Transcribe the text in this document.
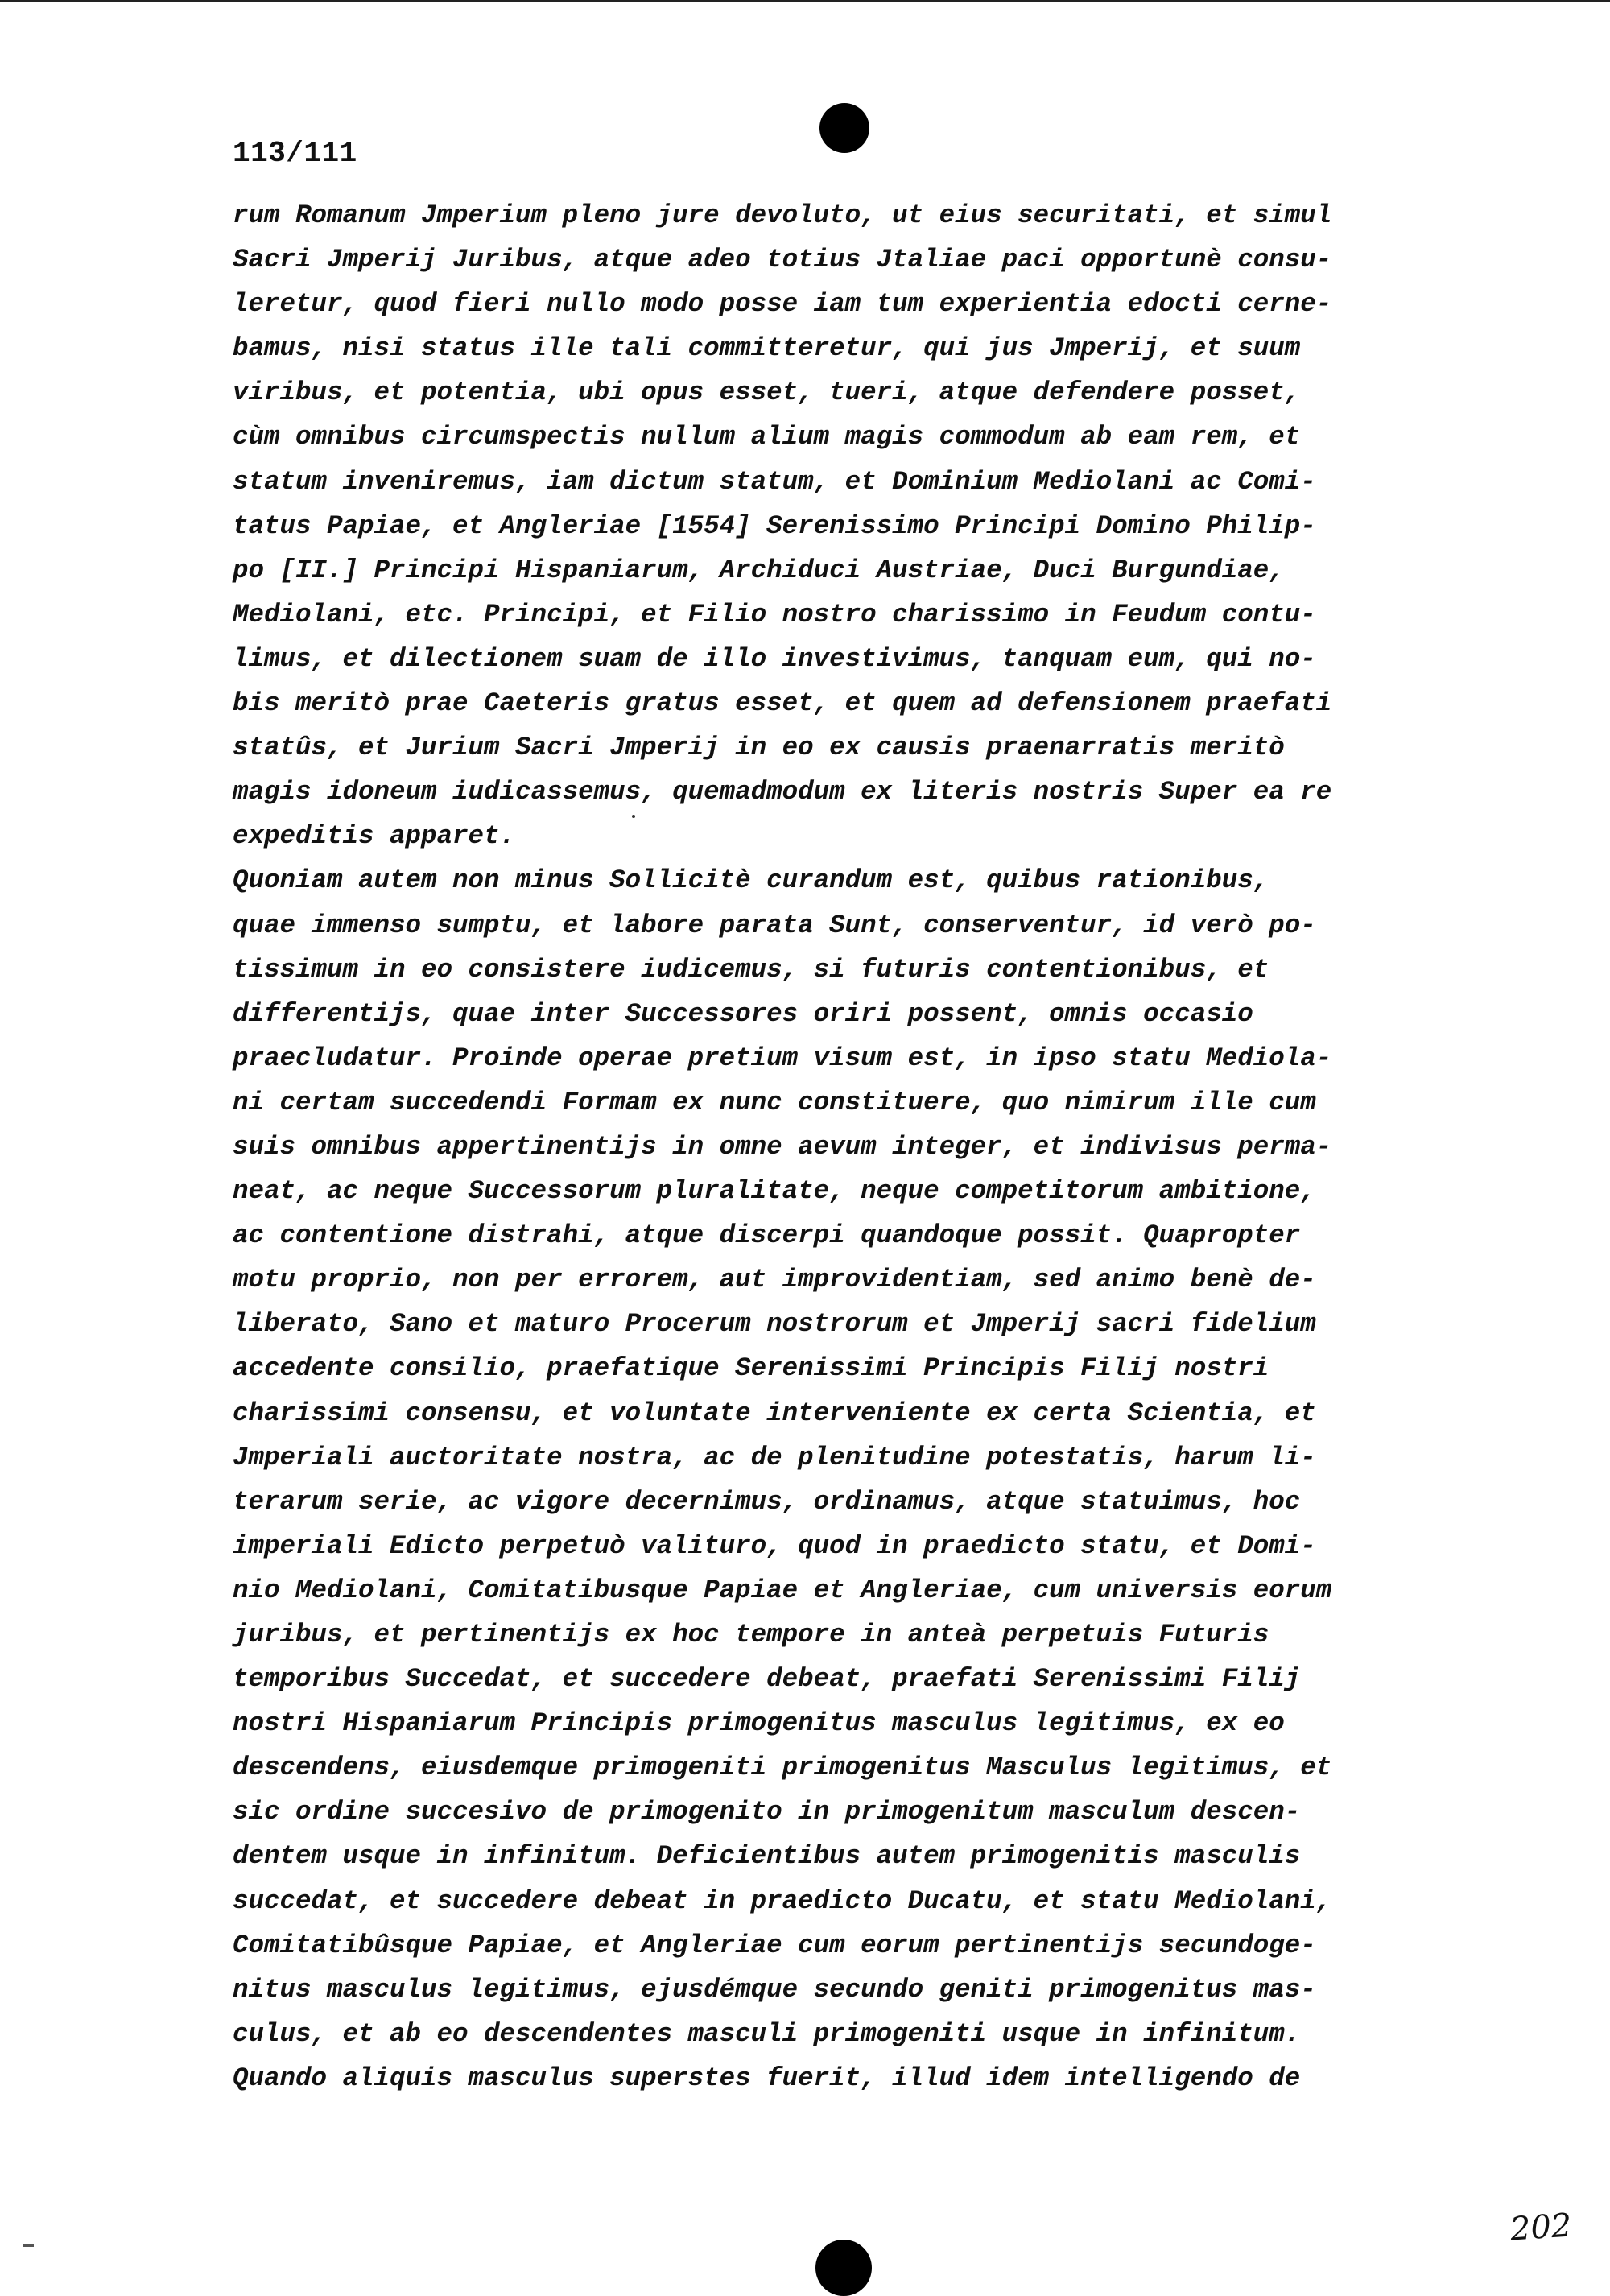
113/111
rum Romanum Jmperium pleno jure devoluto, ut eius securitati, et simul
Sacri Jmperij Juribus, atque adeo totius Jtaliae paci opportunè consu-
leretur, quod fieri nullo modo posse iam tum experientia edocti cerne-
bamus, nisi status ille tali committeretur, qui jus Jmperij, et suum
viribus, et potentia, ubi opus esset, tueri, atque defendere posset,
cùm omnibus circumspectis nullum alium magis commodum ab eam rem, et
statum inveniremus, iam dictum statum, et Dominium Mediolani ac Comi-
tatus Papiae, et Angleriae [1554] Serenissimo Principi Domino Philip-
po [II.] Principi Hispaniarum, Archiduci Austriae, Duci Burgundiae,
Mediolani, etc. Principi, et Filio nostro charissimo in Feudum contu-
limus, et dilectionem suam de illo investivimus, tanquam eum, qui no-
bis meritò prae Caeteris gratus esset, et quem ad defensionem praefati
statûs, et Jurium Sacri Jmperij in eo ex causis praenarratis meritò
magis idoneum iudicassemus, quemadmodum ex literis nostris Super ea re
expeditis apparet.
Quoniam autem non minus Sollicitè curandum est, quibus rationibus,
quae immenso sumptu, et labore parata Sunt, conserventur, id verò po-
tissimum in eo consistere iudicemus, si futuris contentionibus, et
differentijs, quae inter Successores oriri possent, omnis occasio
praecludatur. Proinde operae pretium visum est, in ipso statu Mediola-
ni certam succedendi Formam ex nunc constituere, quo nimirum ille cum
suis omnibus appertinentijs in omne aevum integer, et indivisus perma-
neat, ac neque Successorum pluralitate, neque competitorum ambitione,
ac contentione distrahi, atque discerpi quandoque possit. Quapropter
motu proprio, non per errorem, aut improvidentiam, sed animo benè de-
liberato, Sano et maturo Procerum nostrorum et Jmperij sacri fidelium
accedente consilio, praefatique Serenissimi Principis Filij nostri
charissimi consensu, et voluntate interveniente ex certa Scientia, et
Jmperiali auctoritate nostra, ac de plenitudine potestatis, harum li-
terarum serie, ac vigore decernimus, ordinamus, atque statuimus, hoc
imperiali Edicto perpetuò valituro, quod in praedicto statu, et Domi-
nio Mediolani, Comitatibusque Papiae et Angleriae, cum universis eorum
juribus, et pertinentijs ex hoc tempore in anteà perpetuis Futuris
temporibus Succedat, et succedere debeat, praefati Serenissimi Filij
nostri Hispaniarum Principis primogenitus masculus legitimus, ex eo
descendens, eiusdemque primogeniti primogenitus Masculus legitimus, et
sic ordine succesivo de primogenito in primogenitum masculum descen-
dentem usque in infinitum. Deficientibus autem primogenitis masculis
succedat, et succedere debeat in praedicto Ducatu, et statu Mediolani,
Comitatibûsque Papiae, et Angleriae cum eorum pertinentijs secundoge-
nitus masculus legitimus, ejusdémque secundo geniti primogenitus mas-
culus, et ab eo descendentes masculi primogeniti usque in infinitum.
Quando aliquis masculus superstes fuerit, illud idem intelligendo de
202
